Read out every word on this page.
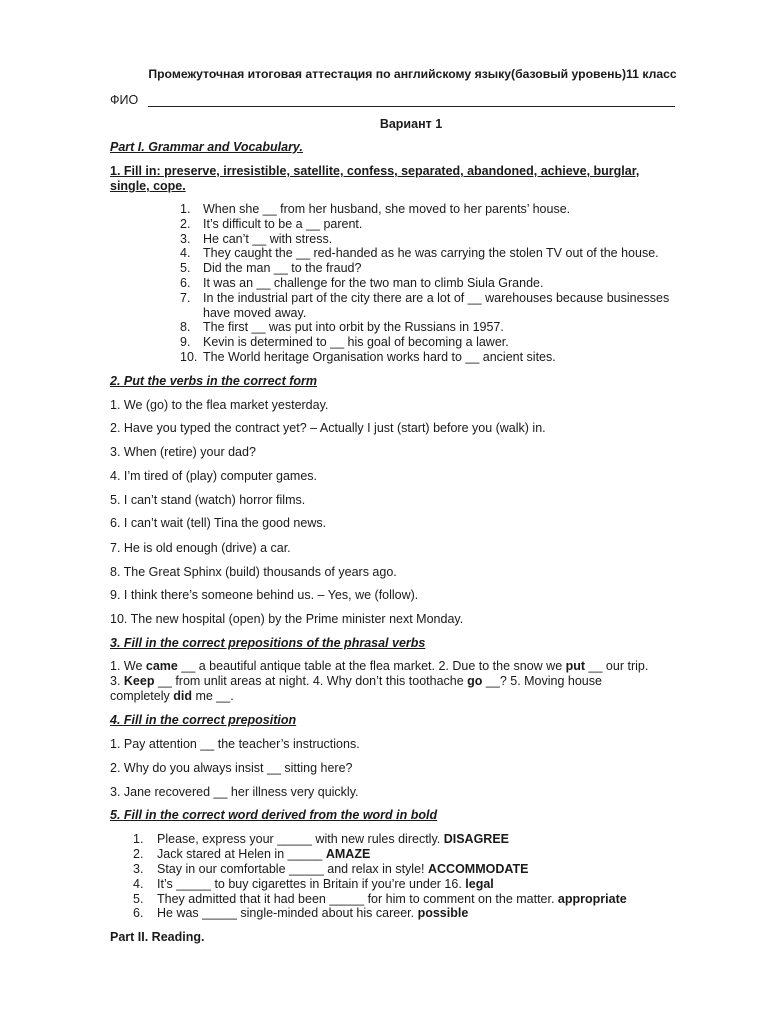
Промежуточная итоговая аттестация по английскому языку(базовый уровень)11 класс
ФИО
Вариант 1
Part I. Grammar and Vocabulary.
1. Fill in: preserve, irresistible, satellite, confess, separated, abandoned, achieve, burglar,
single, cope.
1.	When she __ from her husband, she moved to her parents’ house.
2.	It’s difficult to be a __ parent.
3.	He can’t __ with stress.
4.	They caught the __ red-handed as he was carrying the stolen TV out of the house.
5.	Did the man __ to the fraud?
6.	It was an __ challenge for the two man to climb Siula Grande.
7.	In the industrial part of the city there are a lot of __ warehouses because businesses
have moved away.
8.	The first __ was put into orbit by the Russians in 1957.
9.	Kevin is determined to __ his goal of becoming a lawer.
10. The World heritage Organisation works hard to __ ancient sites.
2. Put the verbs in the correct form
1. We (go) to the flea market yesterday.
2. Have you typed the contract yet? – Actually I just (start) before you (walk) in.
3. When (retire) your dad?
4. I’m tired of (play) computer games.
5. I can’t stand (watch) horror films.
6. I can’t wait (tell) Tina the good news.
7. He is old enough (drive) a car.
8. The Great Sphinx (build) thousands of years ago.
9. I think there’s someone behind us. – Yes, we (follow).
10. The new hospital (open) by the Prime minister next Monday.
3. Fill in the correct prepositions of the phrasal verbs
1. We came __ a beautiful antique table at the flea market. 2. Due to the snow we put __ our trip.
3. Keep __ from unlit areas at night. 4. Why don’t this toothache go __? 5. Moving house
completely did me __.
4. Fill in the correct preposition
1. Pay attention __ the teacher’s instructions.
2. Why do you always insist __ sitting here?
3. Jane recovered __ her illness very quickly.
5. Fill in the correct word derived from the word in bold
1.	Please, express your _____ with new rules directly. DISAGREE
2.	Jack stared at Helen in _____ AMAZE
3.	Stay in our comfortable _____ and relax in style! ACCOMMODATE
4.	It’s _____ to buy cigarettes in Britain if you’re under 16. legal
5.	They admitted that it had been _____ for him to comment on the matter. appropriate
6.	He was _____ single-minded about his career. possible
Part II. Reading.
